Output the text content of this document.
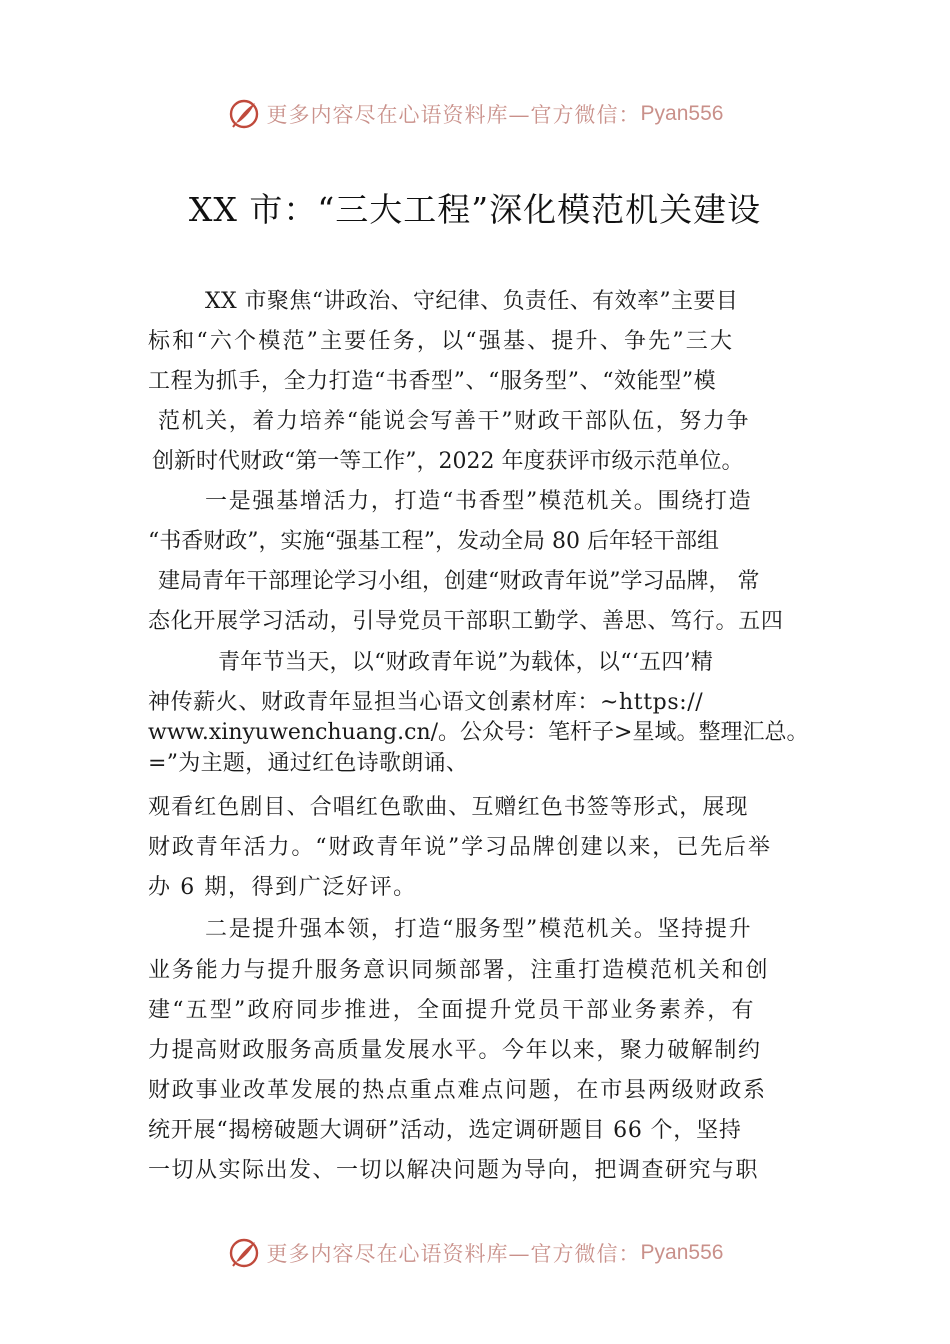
更多内容尽在心语资料库—官方微信： Pyan556
XX 市：“三大工程”深化模范机关建设
XX 市聚焦“讲政治、守纪律、负责任、有效率”主要目
标和“六个模范”主要任务，以“强基、提升、争先”三大
工程为抓手，全力打造“书香型”、“服务型”、“效能型”模
范机关，着力培养“能说会写善干”财政干部队伍，努力争
创新时代财政“第一等工作”，2022 年度获评市级示范单位。
一是强基增活力，打造“书香型”模范机关。围绕打造
“书香财政”，实施“强基工程”，发动全局 80 后年轻干部组
建局青年干部理论学习小组，创建“财政青年说”学习品牌， 常
态化开展学习活动，引导党员干部职工勤学、善思、笃行。五四
青年节当天，以“财政青年说”为载体，以“‘五四’精
神传薪火、财政青年显担当心语文创素材库：~https://
www.xinyuwenchuang.cn/。公众号：笔杆子>星域。整理汇总。
=”为主题，通过红色诗歌朗诵、
观看红色剧目、合唱红色歌曲、互赠红色书签等形式，展现
财政青年活力。“财政青年说”学习品牌创建以来，已先后举
办 6 期，得到广泛好评。
二是提升强本领，打造“服务型”模范机关。坚持提升
业务能力与提升服务意识同频部署，注重打造模范机关和创
建“五型”政府同步推进，全面提升党员干部业务素养，有
力提高财政服务高质量发展水平。今年以来，聚力破解制约
财政事业改革发展的热点重点难点问题，在市县两级财政系
统开展“揭榜破题大调研”活动，选定调研题目 66 个，坚持
一切从实际出发、一切以解决问题为导向，把调查研究与职
更多内容尽在心语资料库—官方微信： Pyan556
